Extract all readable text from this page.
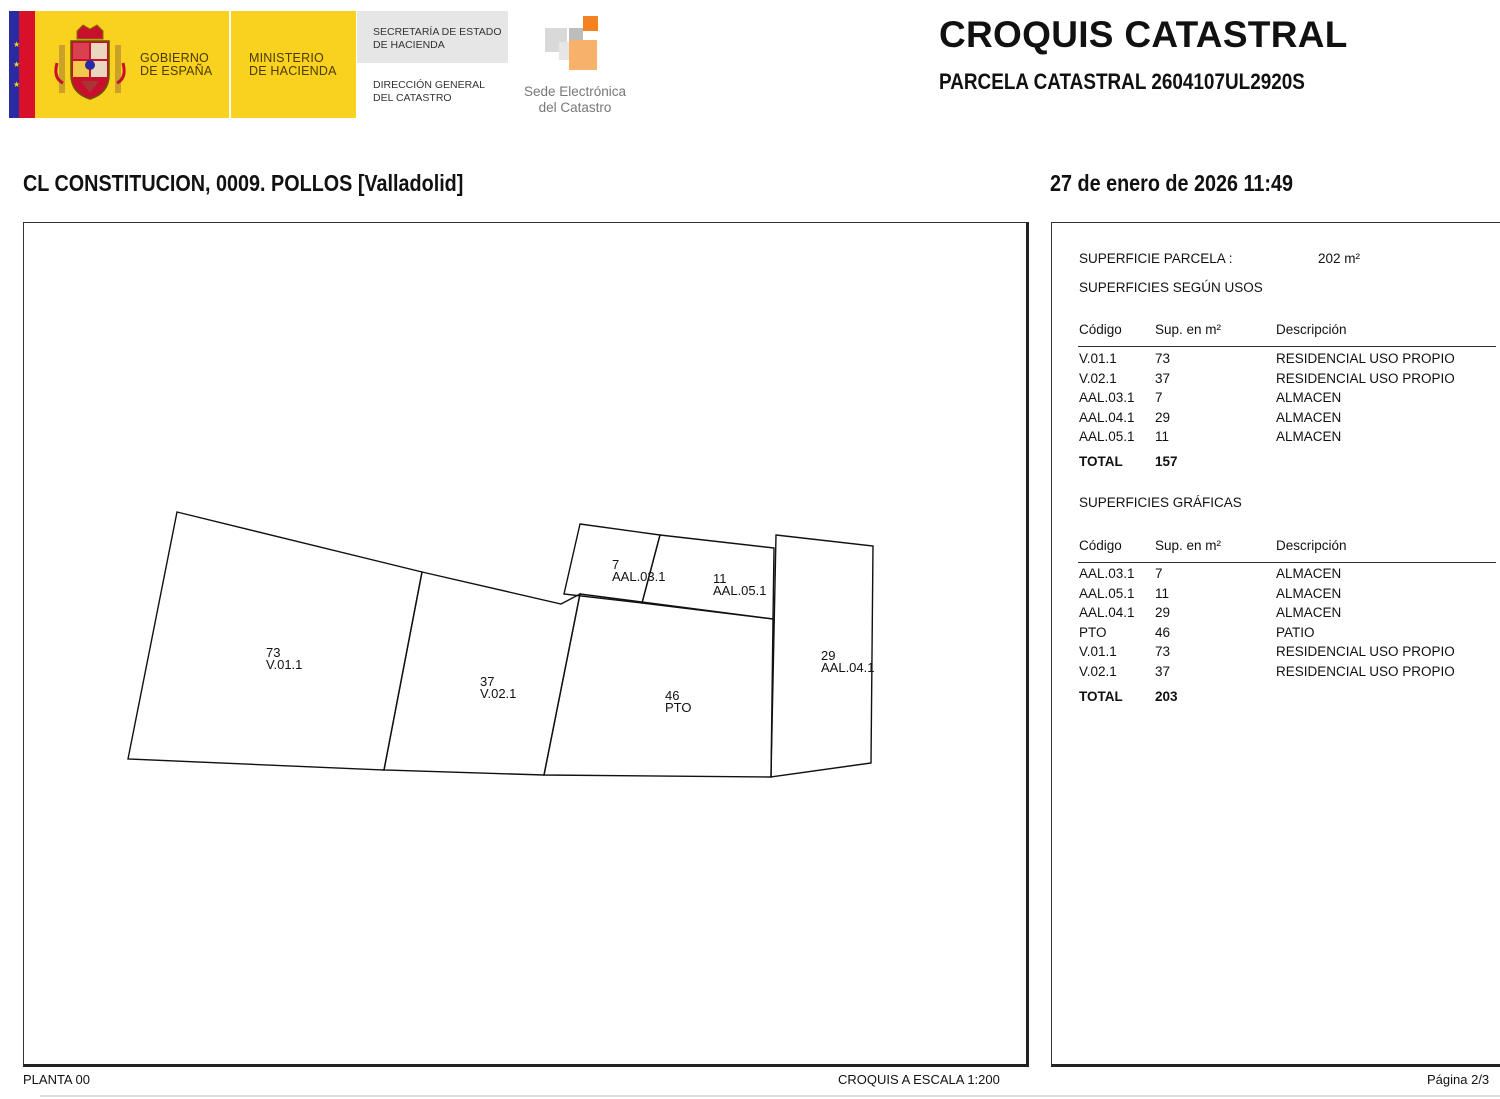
★
★
★
GOBIERNO
DE ESPAÑA
MINISTERIO
DE HACIENDA
SECRETARÍA DE ESTADO
DE HACIENDA
DIRECCIÓN GENERAL
DEL CATASTRO	Sede Electrónica
del Catastro
CROQUIS CATASTRAL
PARCELA CATASTRAL 2604107UL2920S
CL CONSTITUCION, 0009. POLLOS [Valladolid]	27 de enero de 2026 11:49
73
V.01.1
37
V.02.1
7
AAL.03.1	11
AAL.05.1
46
PTO
29
AAL.04.1
PLANTA 00	CROQUIS A ESCALA 1:200	Página 2/3
SUPERFICIE PARCELA :	202 m²
SUPERFICIES SEGÚN USOS
Código Sup. en m²	Descripción
V.01.1	73	RESIDENCIAL USO PROPIO
V.02.1	37	RESIDENCIAL USO PROPIO
AAL.03.1 7	ALMACEN
AAL.04.1 29	ALMACEN
AAL.05.1 11	ALMACEN
TOTAL 157
SUPERFICIES GRÁFICAS
Código Sup. en m²	Descripción
AAL.03.1 7	ALMACEN
AAL.05.1 11	ALMACEN
AAL.04.1 29	ALMACEN
PTO	46	PATIO
V.01.1	73	RESIDENCIAL USO PROPIO
V.02.1	37	RESIDENCIAL USO PROPIO
TOTAL 203
